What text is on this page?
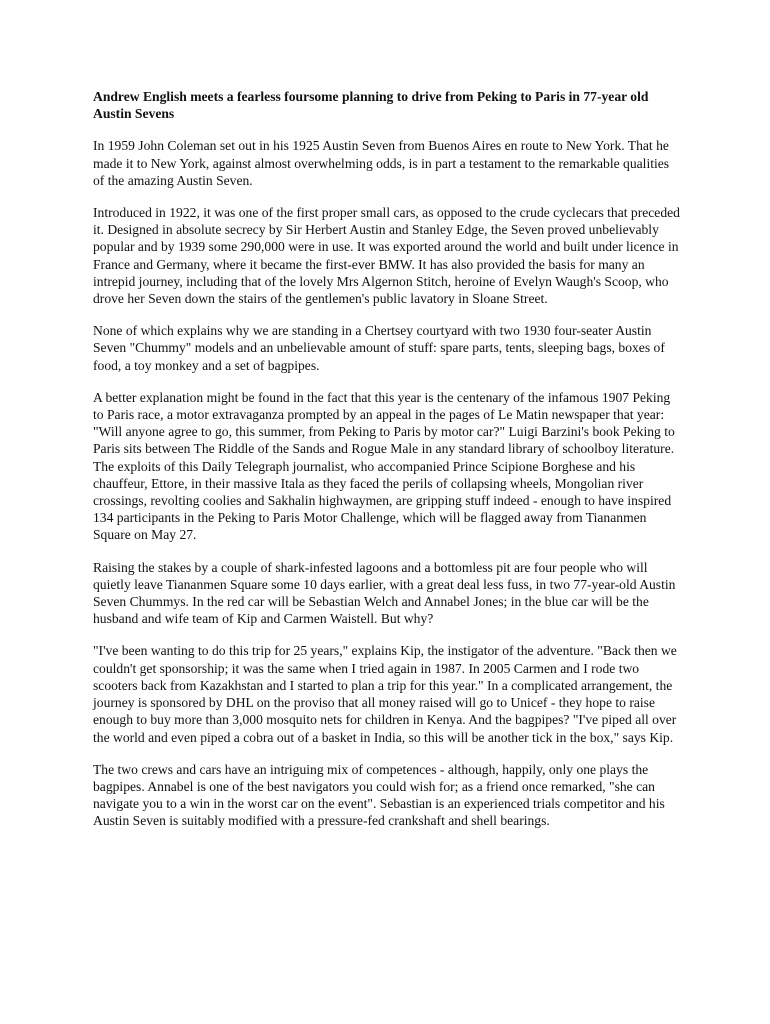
Andrew English meets a fearless foursome planning to drive from Peking to Paris in 77-year old Austin Sevens

In 1959 John Coleman set out in his 1925 Austin Seven from Buenos Aires en route to New York. That he made it to New York, against almost overwhelming odds, is in part a testament to the remarkable qualities of the amazing Austin Seven.

Introduced in 1922, it was one of the first proper small cars, as opposed to the crude cyclecars that preceded it. Designed in absolute secrecy by Sir Herbert Austin and Stanley Edge, the Seven proved unbelievably popular and by 1939 some 290,000 were in use. It was exported around the world and built under licence in France and Germany, where it became the first-ever BMW. It has also provided the basis for many an intrepid journey, including that of the lovely Mrs Algernon Stitch, heroine of Evelyn Waugh's Scoop, who drove her Seven down the stairs of the gentlemen's public lavatory in Sloane Street.

None of which explains why we are standing in a Chertsey courtyard with two 1930 four-seater Austin Seven "Chummy" models and an unbelievable amount of stuff: spare parts, tents, sleeping bags, boxes of food, a toy monkey and a set of bagpipes.

A better explanation might be found in the fact that this year is the centenary of the infamous 1907 Peking to Paris race, a motor extravaganza prompted by an appeal in the pages of Le Matin newspaper that year: "Will anyone agree to go, this summer, from Peking to Paris by motor car?" Luigi Barzini's book Peking to Paris sits between The Riddle of the Sands and Rogue Male in any standard library of schoolboy literature. The exploits of this Daily Telegraph journalist, who accompanied Prince Scipione Borghese and his chauffeur, Ettore, in their massive Itala as they faced the perils of collapsing wheels, Mongolian river crossings, revolting coolies and Sakhalin highwaymen, are gripping stuff indeed - enough to have inspired 134 participants in the Peking to Paris Motor Challenge, which will be flagged away from Tiananmen Square on May 27.

Raising the stakes by a couple of shark-infested lagoons and a bottomless pit are four people who will quietly leave Tiananmen Square some 10 days earlier, with a great deal less fuss, in two 77-year-old Austin Seven Chummys. In the red car will be Sebastian Welch and Annabel Jones; in the blue car will be the husband and wife team of Kip and Carmen Waistell. But why?

"I've been wanting to do this trip for 25 years," explains Kip, the instigator of the adventure. "Back then we couldn't get sponsorship; it was the same when I tried again in 1987. In 2005 Carmen and I rode two scooters back from Kazakhstan and I started to plan a trip for this year." In a complicated arrangement, the journey is sponsored by DHL on the proviso that all money raised will go to Unicef - they hope to raise enough to buy more than 3,000 mosquito nets for children in Kenya. And the bagpipes? "I've piped all over the world and even piped a cobra out of a basket in India, so this will be another tick in the box," says Kip.

The two crews and cars have an intriguing mix of competences - although, happily, only one plays the bagpipes. Annabel is one of the best navigators you could wish for; as a friend once remarked, "she can navigate you to a win in the worst car on the event". Sebastian is an experienced trials competitor and his Austin Seven is suitably modified with a pressure-fed crankshaft and shell bearings.
